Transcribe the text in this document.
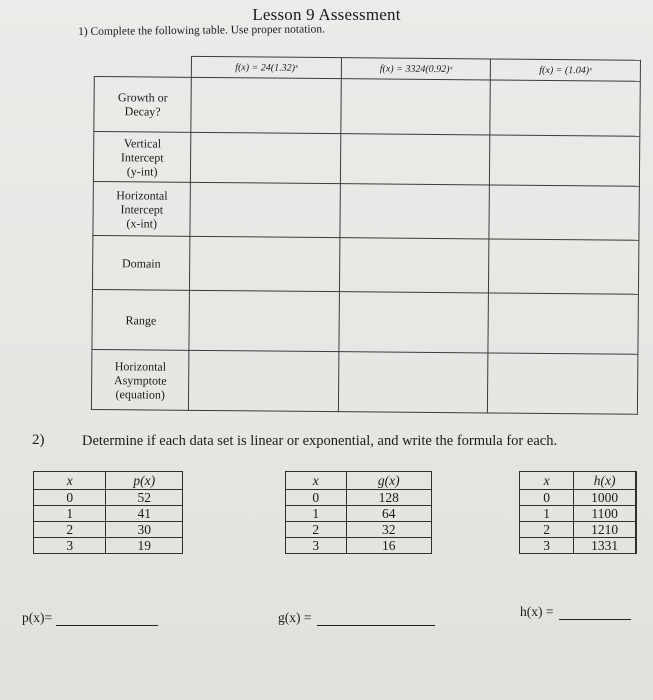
Lesson 9 Assessment
1) Complete the following table. Use proper notation.
	f(x) = 24(1.32)ˣ	f(x) = 3324(0.92)ˣ	f(x) = (1.04)ˣ
Growth or
Decay?			
Vertical
Intercept
(y-int)			
Horizontal
Intercept
(x-int)			
Domain			
Range			
Horizontal
Asymptote
(equation)			
2)	Determine if each data set is linear or exponential, and write the formula for each.
x	p(x)
0	52
1	41
2	30
3	19
x	g(x)
0	128
1	64
2	32
3	16
x	h(x)
0	1000
1	1100
2	1210
3	1331
p(x)=	g(x) =	h(x) =
